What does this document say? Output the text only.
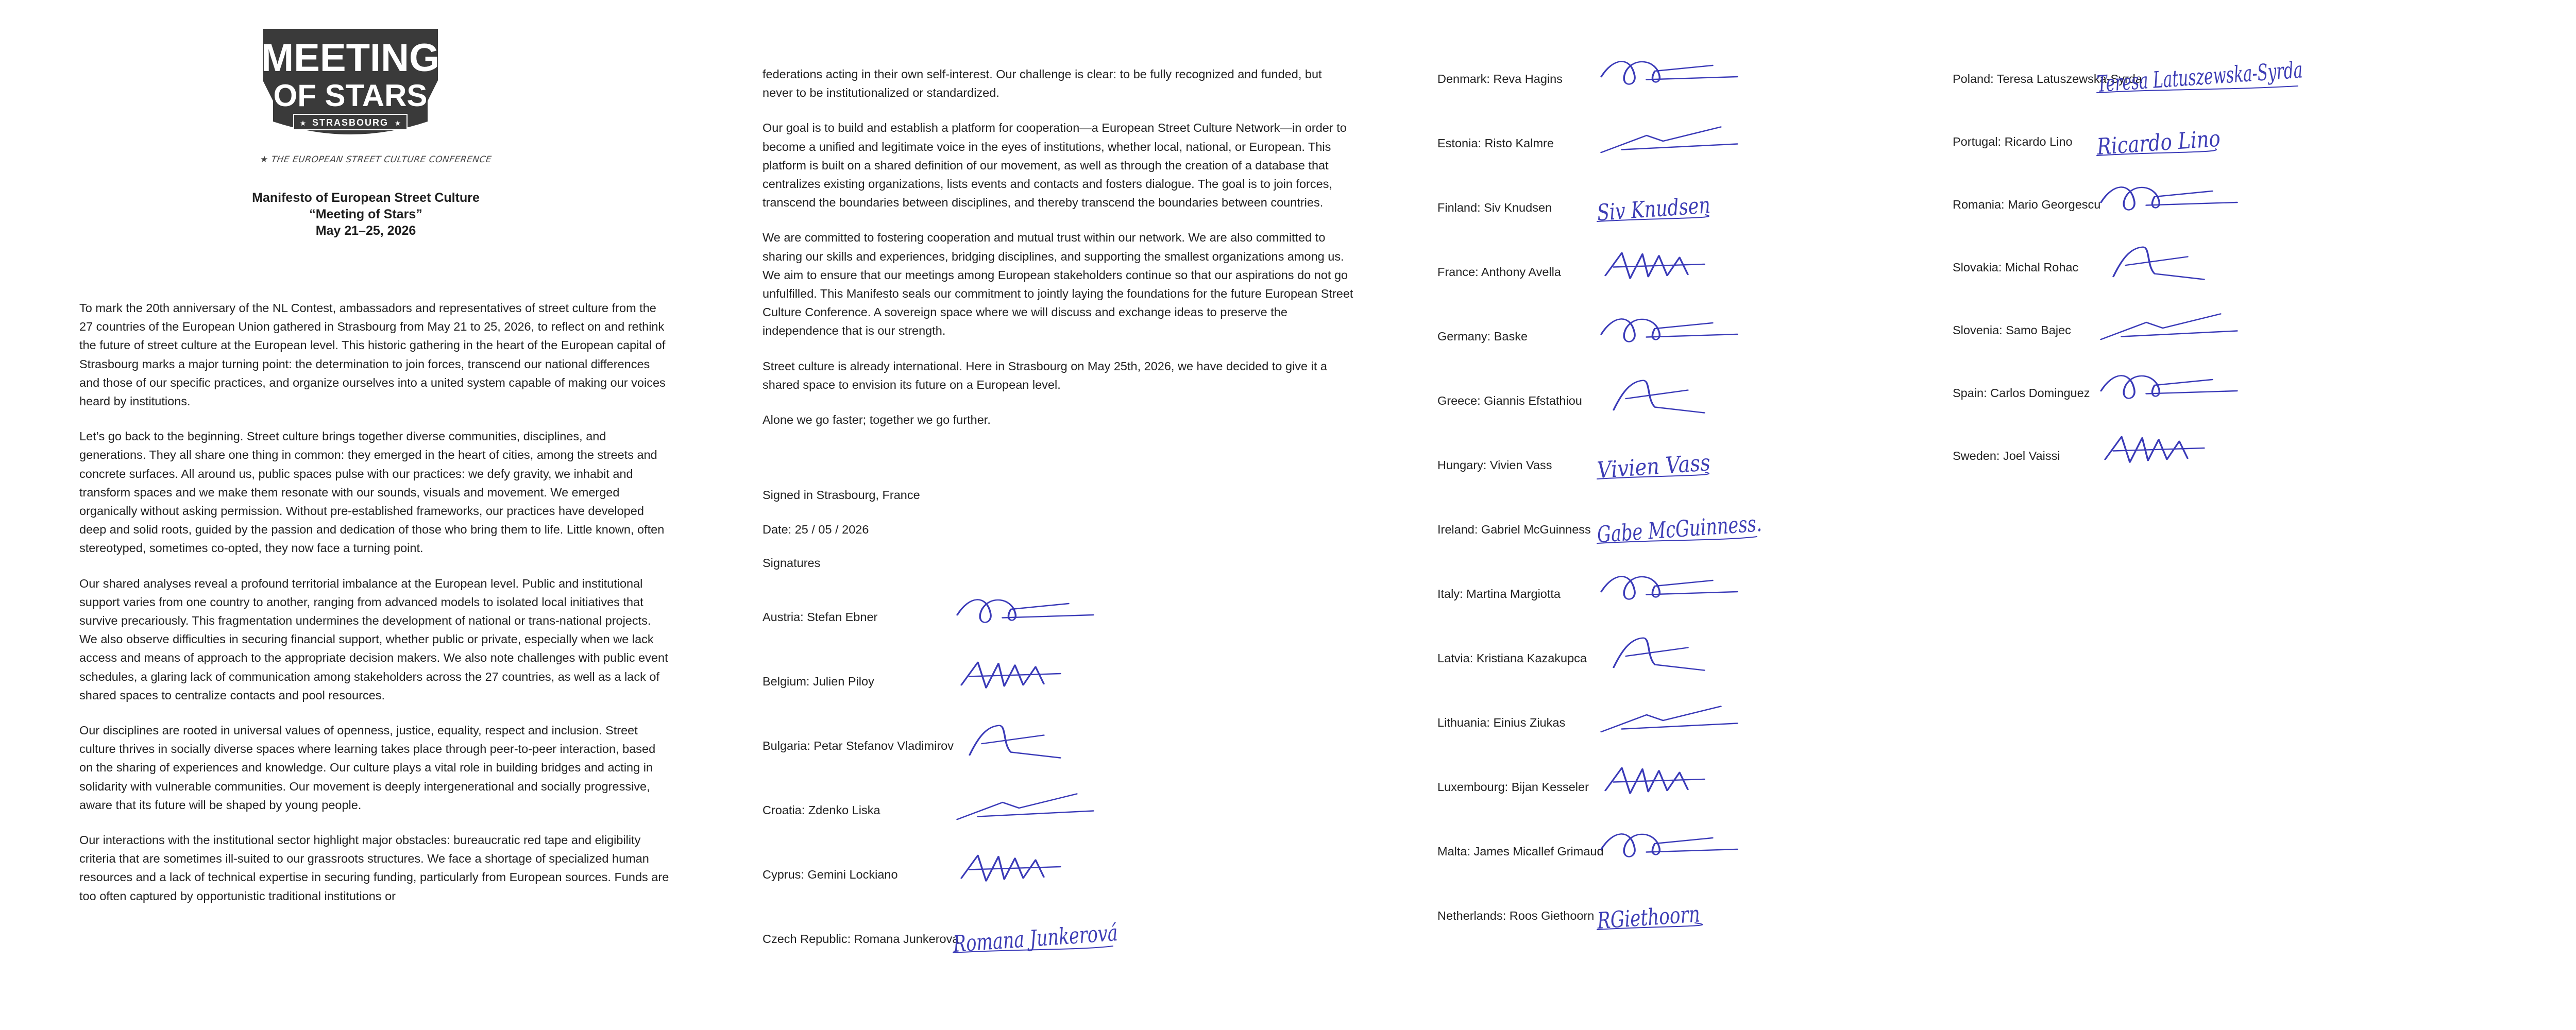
MEETING
OF STARS
STRASBOURG
★	★
★ THE EUROPEAN STREET CULTURE CONFERENCE
Manifesto of European Street Culture
“Meeting of Stars”
May 21–25, 2026

To mark the 20th anniversary of the NL Contest, ambassadors and representatives of street culture from the 27 countries of the European Union gathered in Strasbourg from May 21 to 25, 2026, to reflect on and rethink the future of street culture at the European level. This historic gathering in the heart of the European capital of Strasbourg marks a major turning point: the determination to join forces, transcend our national differences and those of our specific practices, and organize ourselves into a united system capable of making our voices heard by institutions.

Let’s go back to the beginning. Street culture brings together diverse communities, disciplines, and generations. They all share one thing in common: they emerged in the heart of cities, among the streets and concrete surfaces. All around us, public spaces pulse with our practices: we defy gravity, we inhabit and transform spaces and we make them resonate with our sounds, visuals and movement. We emerged organically without asking permission. Without pre-established frameworks, our practices have developed deep and solid roots, guided by the passion and dedication of those who bring them to life. Little known, often stereotyped, sometimes co-opted, they now face a turning point.

Our shared analyses reveal a profound territorial imbalance at the European level. Public and institutional support varies from one country to another, ranging from advanced models to isolated local initiatives that survive precariously. This fragmentation undermines the development of national or trans-national projects. We also observe difficulties in securing financial support, whether public or private, especially when we lack access and means of approach to the appropriate decision makers. We also note challenges with public event schedules, a glaring lack of communication among stakeholders across the 27 countries, as well as a lack of shared spaces to centralize contacts and pool resources.

Our disciplines are rooted in universal values of openness, justice, equality, respect and inclusion. Street culture thrives in socially diverse spaces where learning takes place through peer-to-peer interaction, based on the sharing of experiences and knowledge. Our culture plays a vital role in building bridges and acting in solidarity with vulnerable communities. Our movement is deeply intergenerational and socially progressive, aware that its future will be shaped by young people.

Our interactions with the institutional sector highlight major obstacles: bureaucratic red tape and eligibility criteria that are sometimes ill-suited to our grassroots structures. We face a shortage of specialized human resources and a lack of technical expertise in securing funding, particularly from European sources. Funds are too often captured by opportunistic traditional institutions or

federations acting in their own self-interest. Our challenge is clear: to be fully recognized and funded, but never to be institutionalized or standardized.

Our goal is to build and establish a platform for cooperation—a European Street Culture Network—in order to become a unified and legitimate voice in the eyes of institutions, whether local, national, or European. This platform is built on a shared definition of our movement, as well as through the creation of a database that centralizes existing organizations, lists events and contacts and fosters dialogue. The goal is to join forces, transcend the boundaries between disciplines, and thereby transcend the boundaries between countries.

We are committed to fostering cooperation and mutual trust within our network. We are also committed to sharing our skills and experiences, bridging disciplines, and supporting the smallest organizations among us. We aim to ensure that our meetings among European stakeholders continue so that our aspirations do not go unfulfilled. This Manifesto seals our commitment to jointly laying the foundations for the future European Street Culture Conference. A sovereign space where we will discuss and exchange ideas to preserve the independence that is our strength.

Street culture is already international. Here in Strasbourg on May 25th, 2026, we have decided to give it a shared space to envision its future on a European level.

Alone we go faster; together we go further.

Signed in Strasbourg, France
Date: 25 / 05 / 2026
Signatures
Austria: Stefan Ebner
Belgium: Julien Piloy
Bulgaria: Petar Stefanov Vladimirov
Croatia: Zdenko Liska
Cyprus: Gemini Lockiano
Czech Republic: Romana Junkerova
Romana Junkerová
Denmark: Reva Hagins
Estonia: Risto Kalmre
Finland: Siv Knudsen Siv Knudsen
France: Anthony Avella
Germany: Baske
Greece: Giannis Efstathiou
Hungary: Vivien Vass Vivien Vass
Ireland: Gabriel McGuinness Gabe McGuinness.
Italy: Martina Margiotta
Latvia: Kristiana Kazakupca
Lithuania: Einius Ziukas
Luxembourg: Bijan Kesseler
Malta: James Micallef Grimaud
Netherlands: Roos Giethoorn RGiethoorn
Poland: Teresa Latuszewska-Syrda
Teresa Latuszewska-Syrda
Portugal: Ricardo Lino Ricardo Lino
Romania: Mario Georgescu
Slovakia: Michal Rohac
Slovenia: Samo Bajec
Spain: Carlos Dominguez
Sweden: Joel Vaissi
